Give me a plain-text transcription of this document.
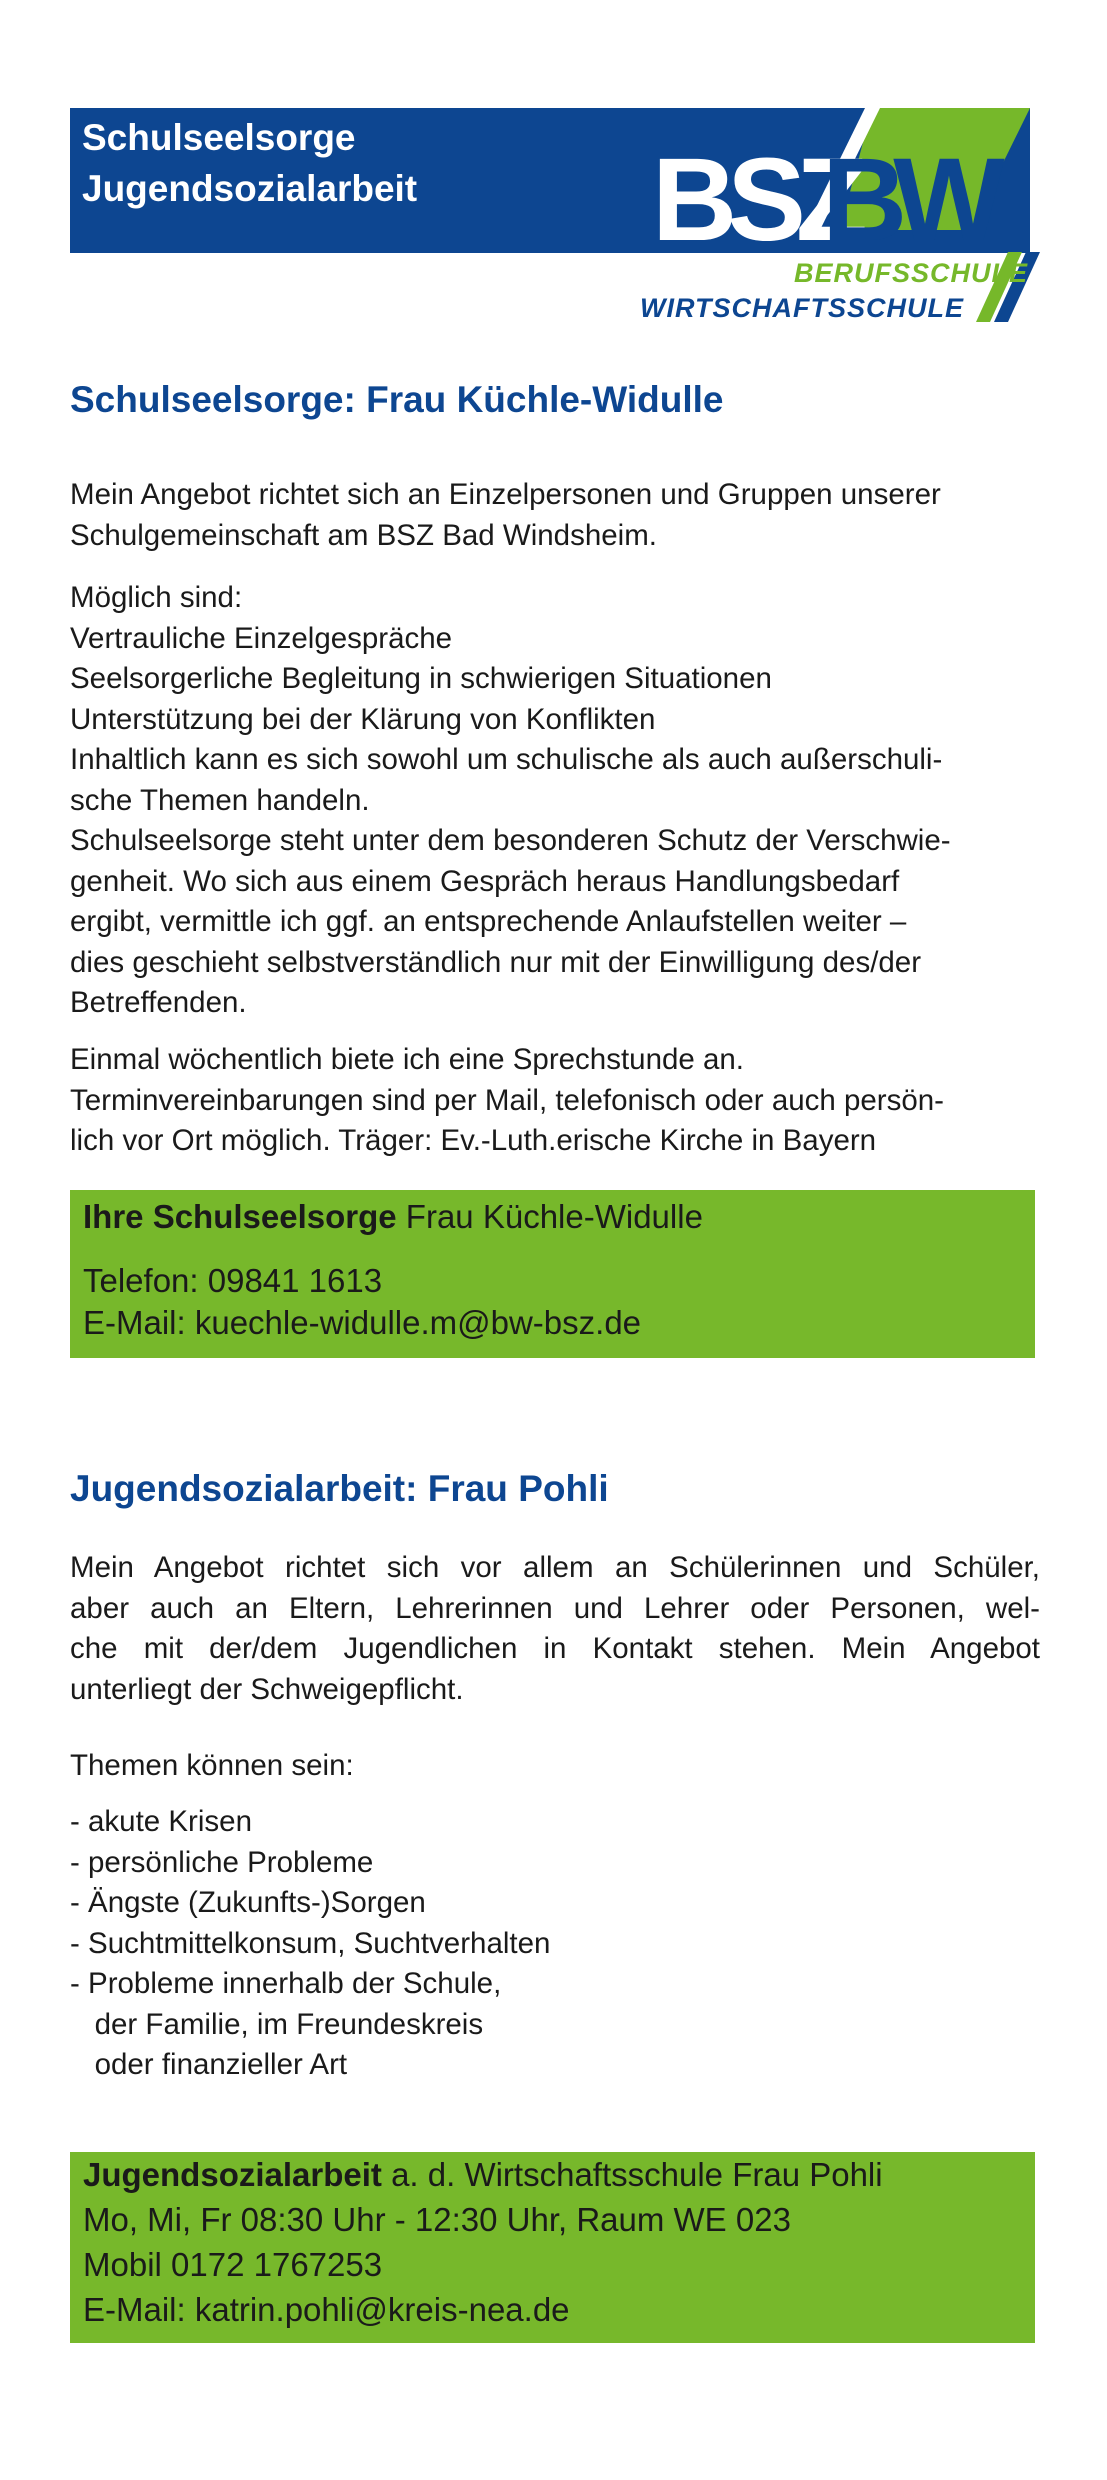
Schulseelsorge
Jugendsozialarbeit BSZ
BW
BERUFSSCHULE
WIRTSCHAFTSSCHULE
Schulseelsorge: Frau Küchle-Widulle
Mein Angebot richtet sich an Einzelpersonen und Gruppen unserer
Schulgemeinschaft am BSZ Bad Windsheim.
Möglich sind:
Vertrauliche Einzelgespräche
Seelsorgerliche Begleitung in schwierigen Situationen
Unterstützung bei der Klärung von Konflikten
Inhaltlich kann es sich sowohl um schulische als auch außerschuli-
sche Themen handeln.
Schulseelsorge steht unter dem besonderen Schutz der Verschwie-
genheit. Wo sich aus einem Gespräch heraus Handlungsbedarf
ergibt, vermittle ich ggf. an entsprechende Anlaufstellen weiter –
dies geschieht selbstverständlich nur mit der Einwilligung des/der
Betreffenden.
Einmal wöchentlich biete ich eine Sprechstunde an.
Terminvereinbarungen sind per Mail, telefonisch oder auch persön-
lich vor Ort möglich. Träger: Ev.-Luth.erische Kirche in Bayern
Ihre Schulseelsorge Frau Küchle-Widulle
Telefon: 09841 1613
E-Mail: kuechle-widulle.m@bw-bsz.de
Jugendsozialarbeit: Frau Pohli
Mein Angebot richtet sich vor allem an Schülerinnen und Schüler,
aber auch an Eltern, Lehrerinnen und Lehrer oder Personen, wel-
che mit der/dem Jugendlichen in Kontakt stehen. Mein Angebot
unterliegt der Schweigepflicht.
Themen können sein:
- akute Krisen
- persönliche Probleme
- Ängste (Zukunfts-)Sorgen
- Suchtmittelkonsum, Suchtverhalten
- Probleme innerhalb der Schule,
der Familie, im Freundeskreis
oder finanzieller Art
Jugendsozialarbeit a. d. Wirtschaftsschule Frau Pohli
Mo, Mi, Fr 08:30 Uhr - 12:30 Uhr, Raum WE 023
Mobil 0172 1767253
E-Mail: katrin.pohli@kreis-nea.de
